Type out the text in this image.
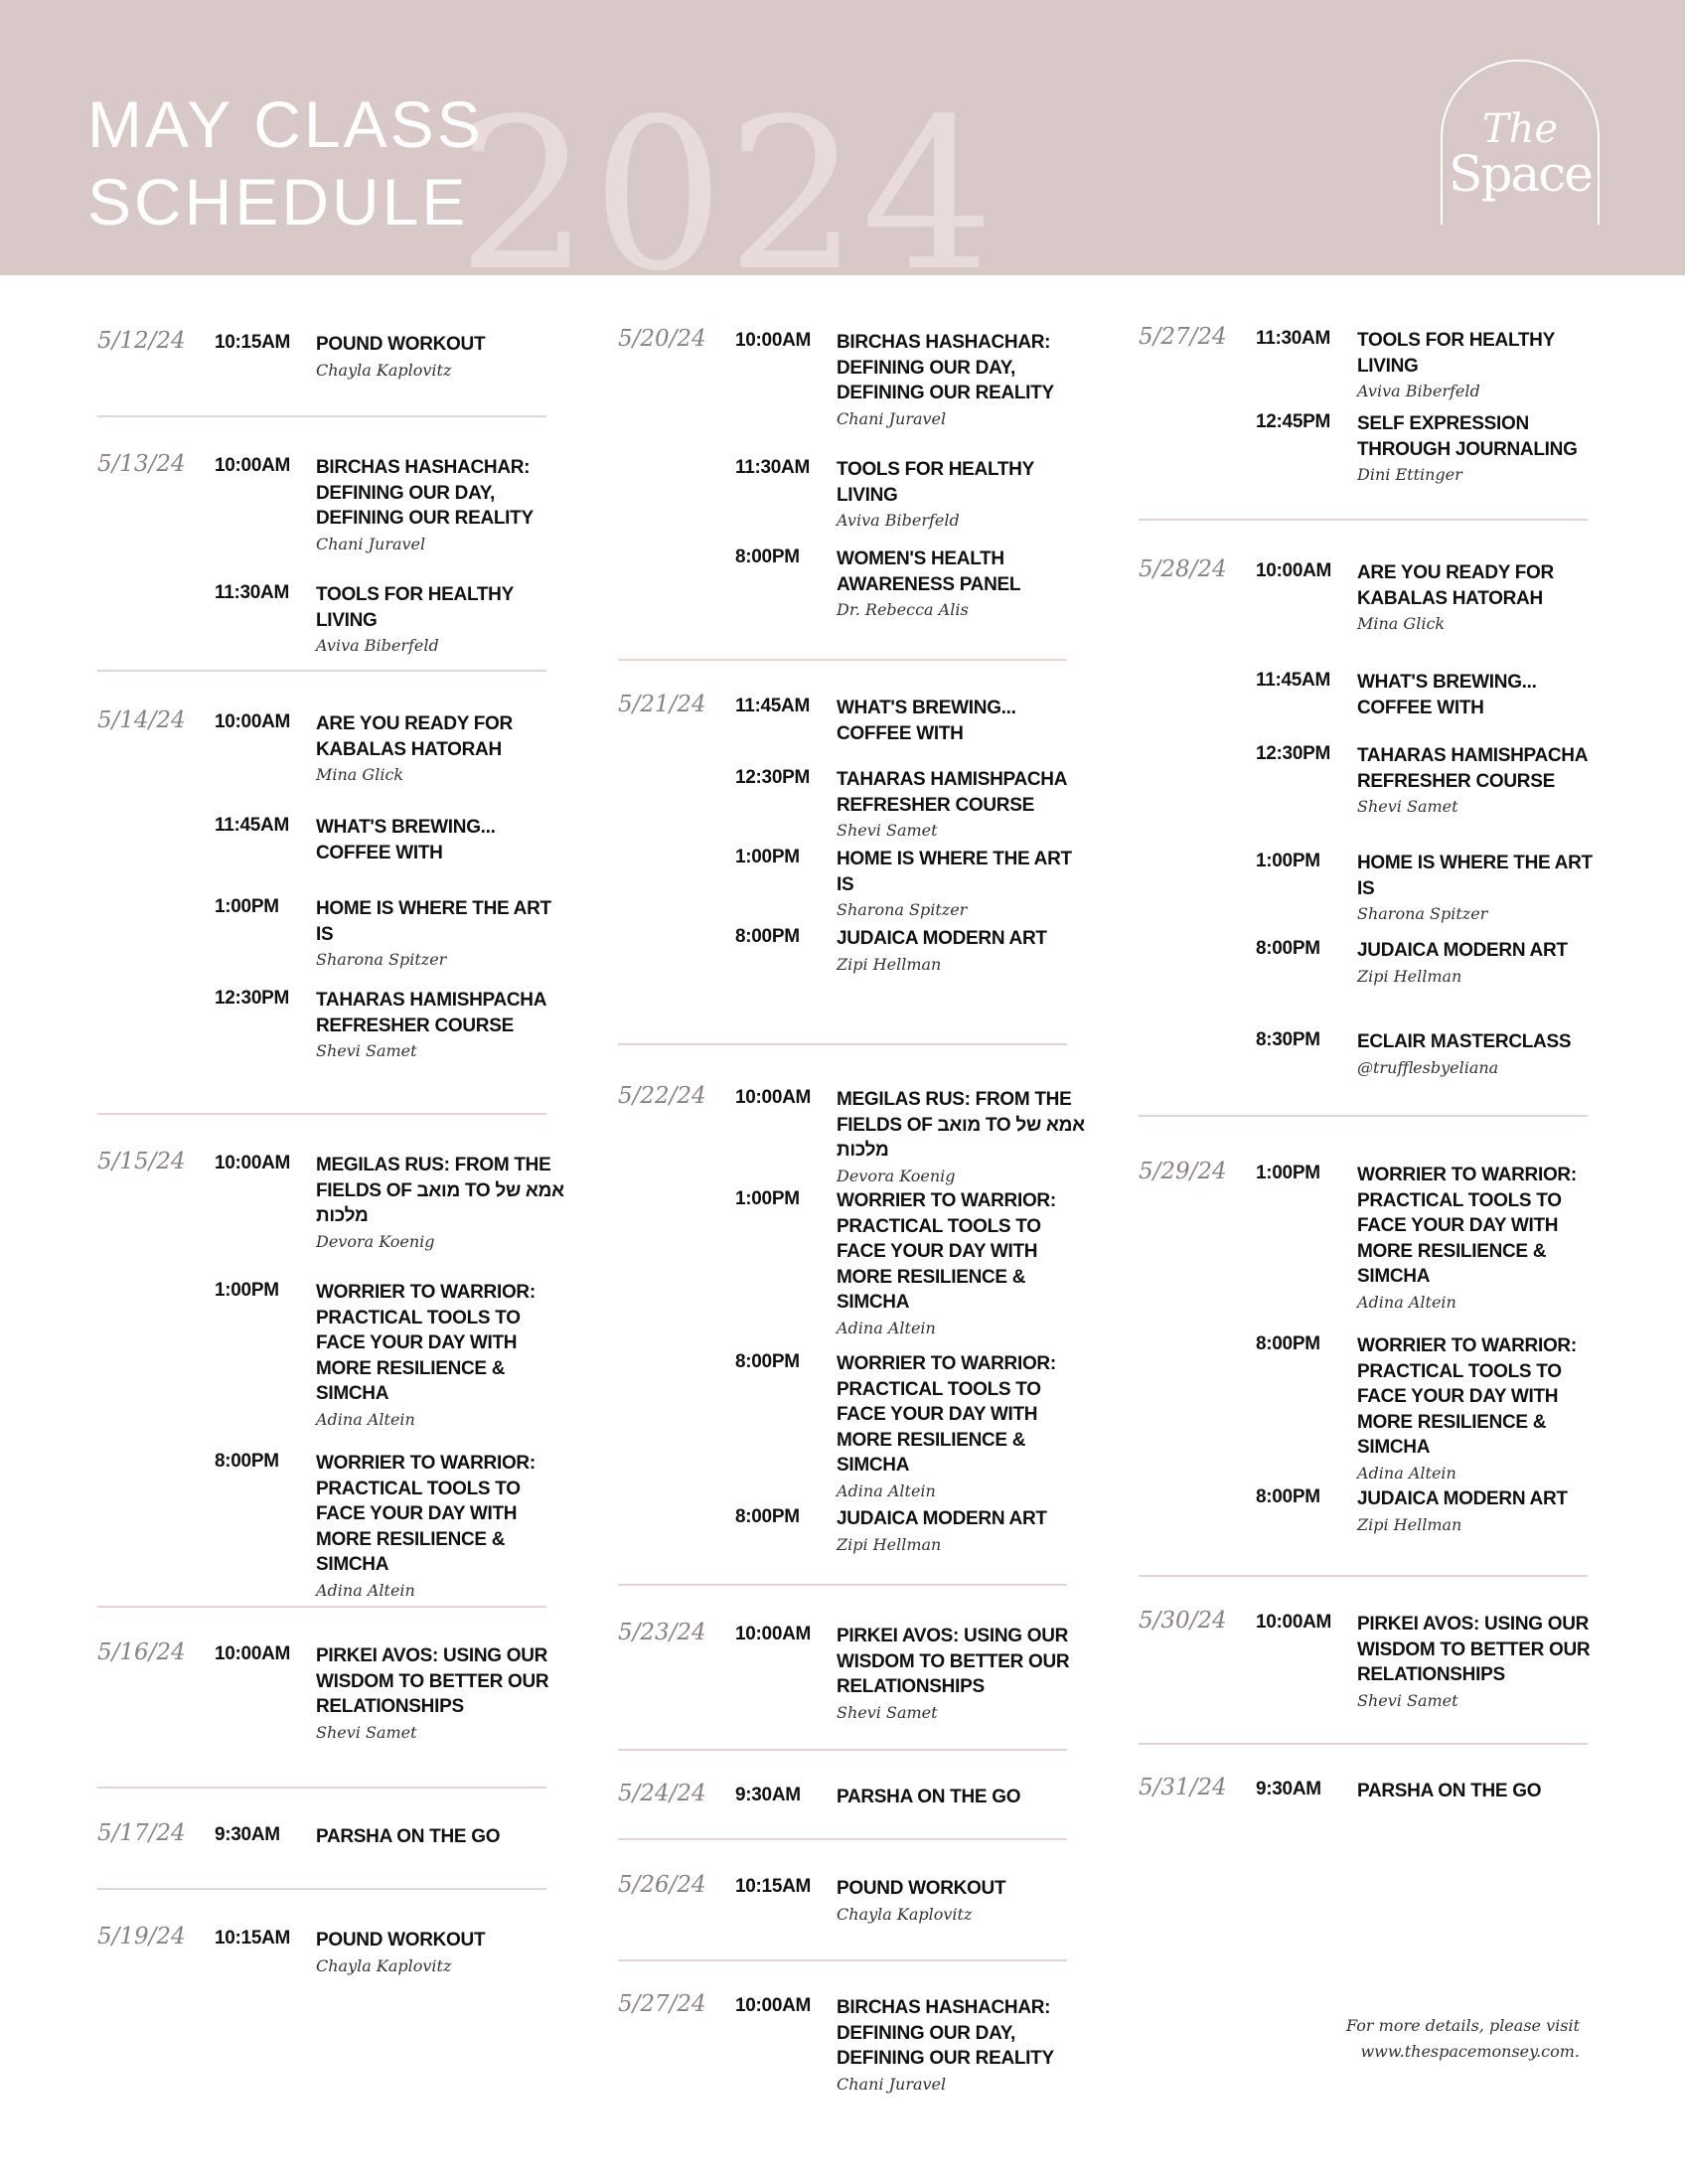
2024
MAY CLASS
SCHEDULE
The
Space
5/12/24	10:15AM	POUND WORKOUT
Chayla Kaplovitz
5/13/24	10:00AM	BIRCHAS HASHACHAR: DEFINING OUR DAY, DEFINING OUR REALITY
Chani Juravel
11:30AM	TOOLS FOR HEALTHY LIVING
Aviva Biberfeld
5/14/24	10:00AM	ARE YOU READY FOR KABALAS HATORAH
Mina Glick
11:45AM	WHAT'S BREWING... COFFEE WITH
1:00PM	HOME IS WHERE THE ART IS
Sharona Spitzer
12:30PM	TAHARAS HAMISHPACHA REFRESHER COURSE
Shevi Samet
5/15/24	10:00AM	MEGILAS RUS: FROM THE FIELDS OF מואב TO אמא של מלכות
Devora Koenig
1:00PM	WORRIER TO WARRIOR: PRACTICAL TOOLS TO FACE YOUR DAY WITH MORE RESILIENCE & SIMCHA
Adina Altein
8:00PM	WORRIER TO WARRIOR: PRACTICAL TOOLS TO FACE YOUR DAY WITH MORE RESILIENCE & SIMCHA
Adina Altein
5/16/24	10:00AM	PIRKEI AVOS: USING OUR WISDOM TO BETTER OUR RELATIONSHIPS
Shevi Samet
5/17/24	9:30AM	PARSHA ON THE GO
5/19/24	10:15AM	POUND WORKOUT
Chayla Kaplovitz
5/20/24	10:00AM	BIRCHAS HASHACHAR: DEFINING OUR DAY, DEFINING OUR REALITY
Chani Juravel
11:30AM	TOOLS FOR HEALTHY LIVING
Aviva Biberfeld
8:00PM	WOMEN'S HEALTH AWARENESS PANEL
Dr. Rebecca Alis
5/21/24	11:45AM	WHAT'S BREWING... COFFEE WITH
12:30PM	TAHARAS HAMISHPACHA REFRESHER COURSE
Shevi Samet
1:00PM	HOME IS WHERE THE ART IS
Sharona Spitzer
8:00PM	JUDAICA MODERN ART
Zipi Hellman
5/22/24	10:00AM	MEGILAS RUS: FROM THE FIELDS OF מואב TO אמא של מלכות
Devora Koenig
1:00PM	WORRIER TO WARRIOR: PRACTICAL TOOLS TO FACE YOUR DAY WITH MORE RESILIENCE & SIMCHA
Adina Altein
8:00PM	WORRIER TO WARRIOR: PRACTICAL TOOLS TO FACE YOUR DAY WITH MORE RESILIENCE & SIMCHA
Adina Altein
8:00PM	JUDAICA MODERN ART
Zipi Hellman
5/23/24	10:00AM	PIRKEI AVOS: USING OUR WISDOM TO BETTER OUR RELATIONSHIPS
Shevi Samet
5/24/24	9:30AM	PARSHA ON THE GO
5/26/24	10:15AM	POUND WORKOUT
Chayla Kaplovitz
5/27/24	10:00AM	BIRCHAS HASHACHAR: DEFINING OUR DAY, DEFINING OUR REALITY
Chani Juravel
5/27/24	11:30AM	TOOLS FOR HEALTHY LIVING
Aviva Biberfeld
12:45PM	SELF EXPRESSION THROUGH JOURNALING
Dini Ettinger
5/28/24	10:00AM	ARE YOU READY FOR KABALAS HATORAH
Mina Glick
11:45AM	WHAT'S BREWING... COFFEE WITH
12:30PM	TAHARAS HAMISHPACHA REFRESHER COURSE
Shevi Samet
1:00PM	HOME IS WHERE THE ART IS
Sharona Spitzer
8:00PM	JUDAICA MODERN ART
Zipi Hellman
8:30PM	ECLAIR MASTERCLASS
@trufflesbyeliana
5/29/24	1:00PM	WORRIER TO WARRIOR: PRACTICAL TOOLS TO FACE YOUR DAY WITH MORE RESILIENCE & SIMCHA
Adina Altein
8:00PM	WORRIER TO WARRIOR: PRACTICAL TOOLS TO FACE YOUR DAY WITH MORE RESILIENCE & SIMCHA
Adina Altein
8:00PM	JUDAICA MODERN ART
Zipi Hellman
5/30/24	10:00AM	PIRKEI AVOS: USING OUR WISDOM TO BETTER OUR RELATIONSHIPS
Shevi Samet
5/31/24	9:30AM	PARSHA ON THE GO
For more details, please visit
www.thespacemonsey.com.
